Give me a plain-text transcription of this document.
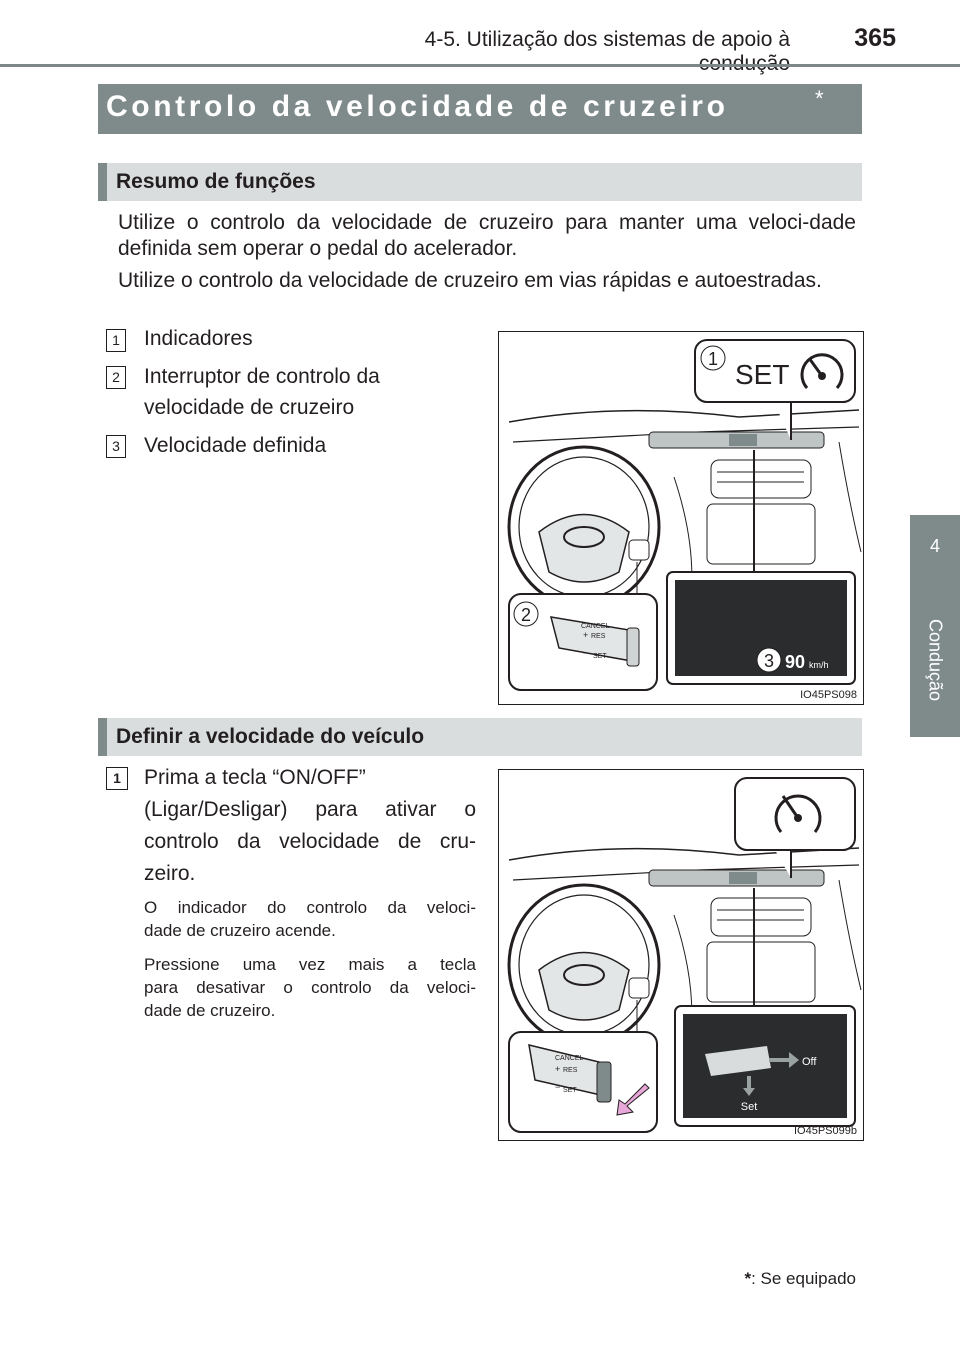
4-5. Utilização dos sistemas de apoio à	365
4
Condução
Controlo da velocidade de cruzeiro	*
Resumo de funções
Utilize o controlo da velocidade de cruzeiro para manter uma veloci-dade definida sem operar o pedal do acelerador.
Utilize o controlo da velocidade de cruzeiro em vias rápidas e autoestradas.
1 Indicadores
2 Interruptor de controlo da
velocidade de cruzeiro
3 Velocidade definida
1 SET
2
CANCEL
RES
SET
+
−	3 90 km/h
IO45PS098
Definir a velocidade do veículo
1	Prima a tecla “ON/OFF”
(Ligar/Desligar) para ativar o
controlo da velocidade de cru-
zeiro.
O indicador do controlo da veloci-
dade de cruzeiro acende.
Pressione uma vez mais a tecla
para desativar o controlo da veloci-
dade de cruzeiro.
CANCEL
RES
SET
+
−
Off
Set
IO45PS099b
*: Se equipado
